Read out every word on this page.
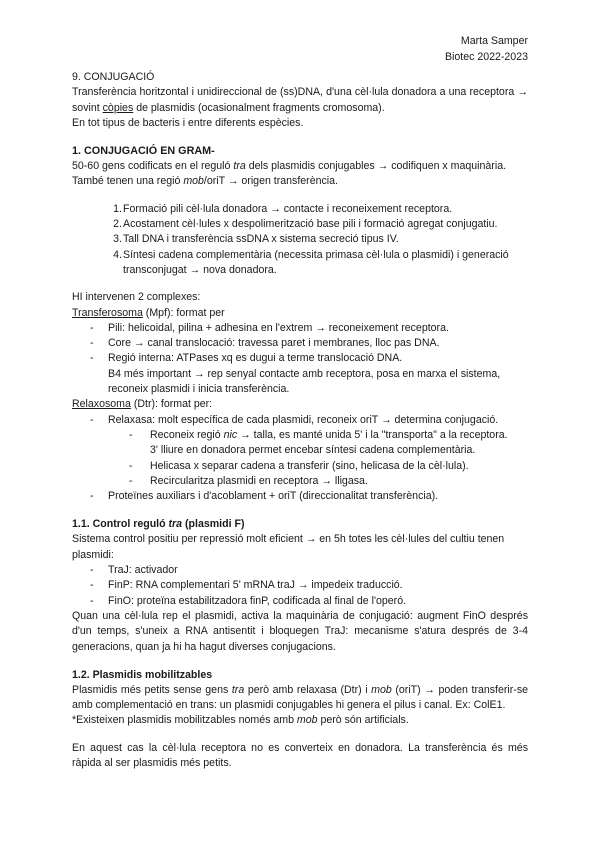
Marta Samper
Biotec 2022-2023

9. CONJUGACIÓ

Transferència horitzontal i unidireccional de (ss)DNA, d'una cèl·lula donadora a una receptora → sovint còpies de plasmidis (ocasionalment fragments cromosoma).

En tot tipus de bacteris i entre diferents espècies.

1. CONJUGACIÓ EN GRAM-

50-60 gens codificats en el reguló tra dels plasmidis conjugables → codifiquen x maquinària.

També tenen una regió mob/oriT → origen transferència.

1. Formació pili cèl·lula donadora → contacte i reconeixement receptora.
2. Acostament cèl·lules x despolimerització base pili i formació agregat conjugatiu.
3. Tall DNA i transferència ssDNA x sistema secreció tipus IV.
4. Síntesi cadena complementària (necessita primasa cèl·lula o plasmidi) i generació transconjugat → nova donadora.

HI intervenen 2 complexes:

Transferosoma (Mpf): format per

- Pili: helicoidal, pilina + adhesina en l'extrem → reconeixement receptora.
- Core → canal translocació: travessa paret i membranes, lloc pas DNA.
- Regió interna: ATPases xq es dugui a terme translocació DNA.
B4 més important → rep senyal contacte amb receptora, posa en marxa el sistema, reconeix plasmidi i inicia transferència.

Relaxosoma (Dtr): format per:

- Relaxasa: molt específica de cada plasmidi, reconeix oriT → determina conjugació.
- Reconeix regió nic → talla, es manté unida 5' i la "transporta" a la receptora.
3' lliure en donadora permet encebar síntesi cadena complementària.
- Helicasa x separar cadena a transferir (sino, helicasa de la cèl·lula).
- Recircularitza plasmidi en receptora → lligasa.
- Proteïnes auxiliars i d'acoblament + oriT (direccionalitat transferència).
1.1. Control reguló tra (plasmidi F)

Sistema control positiu per repressió molt eficient → en 5h totes les cèl·lules del cultiu tenen plasmidi:

- TraJ: activador
- FinP: RNA complementari 5' mRNA traJ → impedeix traducció.
- FinO: proteïna estabilitzadora finP, codificada al final de l'operó.

Quan una cèl·lula rep el plasmidi, activa la maquinària de conjugació: augment FinO després d'un temps, s'uneix a RNA antisentit i bloquegen TraJ: mecanisme s'atura després de 3-4 generacions, quan ja hi ha hagut diverses conjugacions.

1.2. Plasmidis mobilitzables

Plasmidis més petits sense gens tra però amb relaxasa (Dtr) i mob (oriT) → poden transferir-se amb complementació en trans: un plasmidi conjugables hi genera el pilus i canal. Ex: ColE1.

*Existeixen plasmidis mobilitzables només amb mob però són artificials.

En aquest cas la cèl·lula receptora no es converteix en donadora. La transferència és més ràpida al ser plasmidis més petits.
